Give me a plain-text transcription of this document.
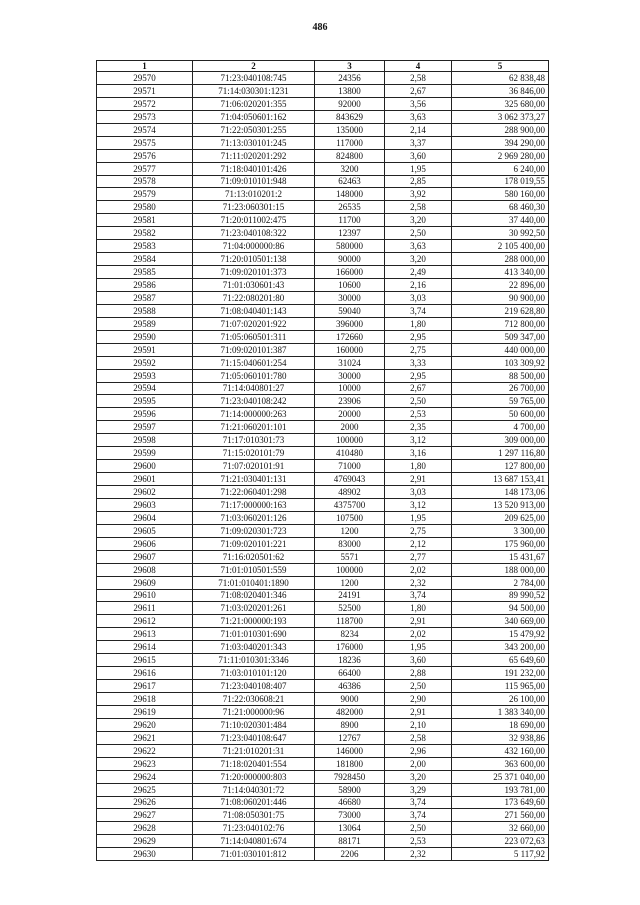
486
1	2	3	4	5
29570	71:23:040108:745	24356	2,58	62 838,48
29571	71:14:030301:1231	13800	2,67	36 846,00
29572	71:06:020201:355	92000	3,56	325 680,00
29573	71:04:050601:162	843629	3,63	3 062 373,27
29574	71:22:050301:255	135000	2,14	288 900,00
29575	71:13:030101:245	117000	3,37	394 290,00
29576	71:11:020201:292	824800	3,60	2 969 280,00
29577	71:18:040101:426	3200	1,95	6 240,00
29578	71:09:010101:948	62463	2,85	178 019,55
29579	71:13:010201:2	148000	3,92	580 160,00
29580	71:23:060301:15	26535	2,58	68 460,30
29581	71:20:011002:475	11700	3,20	37 440,00
29582	71:23:040108:322	12397	2,50	30 992,50
29583	71:04:000000:86	580000	3,63	2 105 400,00
29584	71:20:010501:138	90000	3,20	288 000,00
29585	71:09:020101:373	166000	2,49	413 340,00
29586	71:01:030601:43	10600	2,16	22 896,00
29587	71:22:080201:80	30000	3,03	90 900,00
29588	71:08:040401:143	59040	3,74	219 628,80
29589	71:07:020201:922	396000	1,80	712 800,00
29590	71:05:060501:311	172660	2,95	509 347,00
29591	71:09:020101:387	160000	2,75	440 000,00
29592	71:15:040601:254	31024	3,33	103 309,92
29593	71:05:060101:780	30000	2,95	88 500,00
29594	71:14:040801:27	10000	2,67	26 700,00
29595	71:23:040108:242	23906	2,50	59 765,00
29596	71:14:000000:263	20000	2,53	50 600,00
29597	71:21:060201:101	2000	2,35	4 700,00
29598	71:17:010301:73	100000	3,12	309 000,00
29599	71:15:020101:79	410480	3,16	1 297 116,80
29600	71:07:020101:91	71000	1,80	127 800,00
29601	71:21:030401:131	4769043	2,91	13 687 153,41
29602	71:22:060401:298	48902	3,03	148 173,06
29603	71:17:000000:163	4375700	3,12	13 520 913,00
29604	71:03:060201:126	107500	1,95	209 625,00
29605	71:09:020301:723	1200	2,75	3 300,00
29606	71:09:020101:221	83000	2,12	175 960,00
29607	71:16:020501:62	5571	2,77	15 431,67
29608	71:01:010501:559	100000	2,02	188 000,00
29609	71:01:010401:1890	1200	2,32	2 784,00
29610	71:08:020401:346	24191	3,74	89 990,52
29611	71:03:020201:261	52500	1,80	94 500,00
29612	71:21:000000:193	118700	2,91	340 669,00
29613	71:01:010301:690	8234	2,02	15 479,92
29614	71:03:040201:343	176000	1,95	343 200,00
29615	71:11:010301:3346	18236	3,60	65 649,60
29616	71:03:010101:120	66400	2,88	191 232,00
29617	71:23:040108:407	46386	2,50	115 965,00
29618	71:22:030608:21	9000	2,90	26 100,00
29619	71:21:000000:96	482000	2,91	1 383 340,00
29620	71:10:020301:484	8900	2,10	18 690,00
29621	71:23:040108:647	12767	2,58	32 938,86
29622	71:21:010201:31	146000	2,96	432 160,00
29623	71:18:020401:554	181800	2,00	363 600,00
29624	71:20:000000:803	7928450	3,20	25 371 040,00
29625	71:14:040301:72	58900	3,29	193 781,00
29626	71:08:060201:446	46680	3,74	173 649,60
29627	71:08:050301:75	73000	3,74	271 560,00
29628	71:23:040102:76	13064	2,50	32 660,00
29629	71:14:040801:674	88171	2,53	223 072,63
29630	71:01:030101:812	2206	2,32	5 117,92
